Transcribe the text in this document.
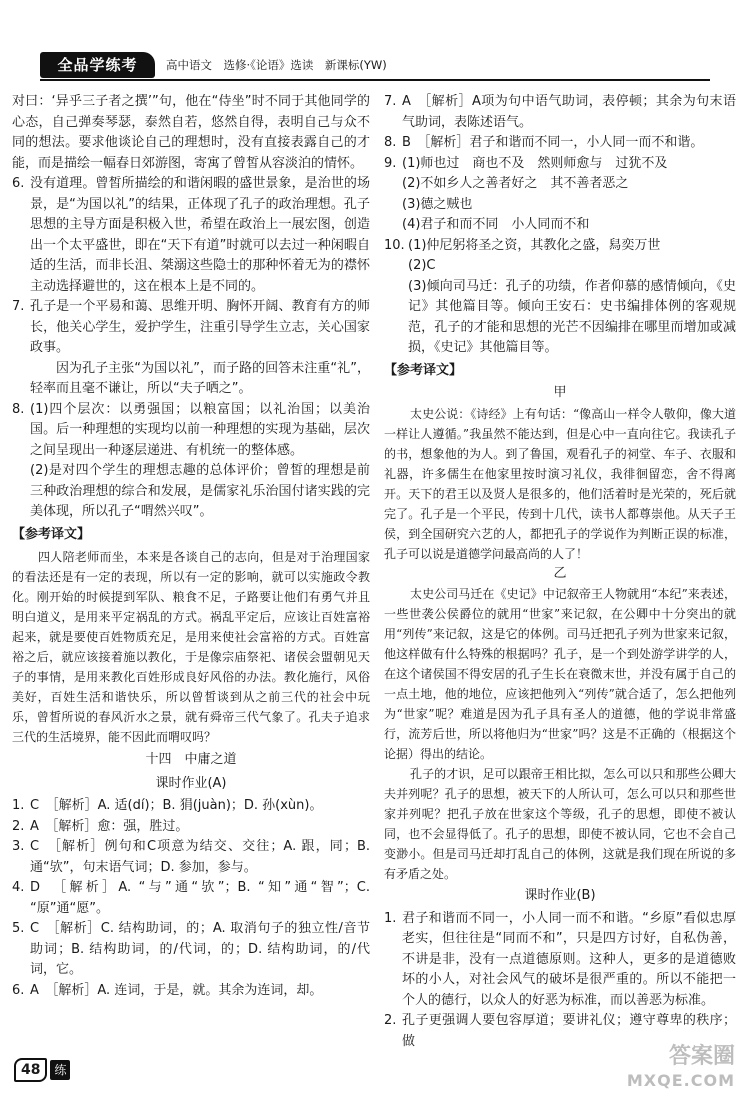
全品学练考	高中语文　选修·《论语》选读　新课标(YW)

对曰：‘异乎三子者之撰’”句，他在“侍坐”时不同于其他同学的心态，自己弹奏琴瑟，泰然自若，悠然自得，表明自己与众不同的想法。要求他谈论自己的理想时，没有直接表露自己的才能，而是描绘一幅春日郊游图，寄寓了曾皙从容淡泊的情怀。

6. 没有道理。曾皙所描绘的和谐闲暇的盛世景象，是治世的场景，是“为国以礼”的结果，正体现了孔子的政治理想。孔子思想的主导方面是积极入世，希望在政治上一展宏图，创造出一个太平盛世，即在“天下有道”时就可以去过一种闲暇自适的生活，而非长沮、桀溺这些隐士的那种怀着无为的襟怀主动选择避世的，这在根本上是不同的。

7. 孔子是一个平易和蔼、思维开明、胸怀开阔、教育有方的师长，他关心学生，爱护学生，注重引导学生立志，关心国家政事。

因为孔子主张“为国以礼”，而子路的回答未注重“礼”，轻率而且毫不谦让，所以“夫子哂之”。

8. (1)四个层次：以勇强国；以粮富国；以礼治国；以美治国。后一种理想的实现均以前一种理想的实现为基础，层次之间呈现出一种逐层递进、有机统一的整体感。

(2)是对四个学生的理想志趣的总体评价；曾皙的理想是前三种政治理想的综合和发展，是儒家礼乐治国付诸实践的完美体现，所以孔子“喟然兴叹”。

【参考译文】

四人陪老师而坐，本来是各谈自己的志向，但是对于治理国家的看法还是有一定的表现，所以有一定的影响，就可以实施政令教化。刚开始的时候提到军队、粮食不足，子路要让他们有勇气并且明白道义，是用来平定祸乱的方式。祸乱平定后，应该让百姓富裕起来，就是要使百姓物质充足，是用来使社会富裕的方式。百姓富裕之后，就应该接着施以教化，于是像宗庙祭祀、诸侯会盟朝见天子的事情，是用来教化百姓形成良好风俗的办法。教化施行，风俗美好，百姓生活和谐快乐，所以曾皙谈到从之前三代的社会中玩乐，曾皙所说的春风沂水之景，就有舜帝三代气象了。孔夫子追求三代的生活境界，能不因此而喟叹吗？

十四　中庸之道
课时作业(A)
1. C　［解析］A. 适(dí)；B. 狷(juàn)；D. 孙(xùn)。

2. A　［解析］愈：强，胜过。

3. C　［解析］例句和C项意为结交、交往；A. 跟，同；B. 通“欤”，句末语气词；D. 参加，参与。

4. D　［解析］A. “与”通“欤”；B. “知”通“智”；C. “原”通“愿”。

5. C　［解析］C. 结构助词，的；A. 取消句子的独立性/音节助词；B. 结构助词，的/代词，的；D. 结构助词，的/代词，它。

6. A　［解析］A. 连词，于是，就。其余为连词，却。

7. A　［解析］A项为句中语气助词，表停顿；其余为句末语气助词，表陈述语气。

8. B　［解析］君子和谐而不同一，小人同一而不和谐。

9. (1)师也过　商也不及　然则师愈与　过犹不及

(2)不如乡人之善者好之　其不善者恶之

(3)德之贼也

(4)君子和而不同　小人同而不和

10. (1)仲尼躬将圣之资，其教化之盛，舄奕万世

(2)C

(3)倾向司马迁：孔子的功绩，作者仰慕的感情倾向，《史记》其他篇目等。倾向王安石：史书编排体例的客观规范，孔子的才能和思想的光芒不因编排在哪里而增加或减损，《史记》其他篇目等。

【参考译文】
甲

太史公说：《诗经》上有句话：“像高山一样令人敬仰，像大道一样让人遵循。”我虽然不能达到，但是心中一直向往它。我读孔子的书，想象他的为人。到了鲁国，观看孔子的祠堂、车子、衣服和礼器，许多儒生在他家里按时演习礼仪，我徘徊留恋，舍不得离开。天下的君王以及贤人是很多的，他们活着时是光荣的，死后就完了。孔子是一个平民，传到十几代，读书人都尊崇他。从天子王侯，到全国研究六艺的人，都把孔子的学说作为判断正误的标准，孔子可以说是道德学问最高尚的人了！

乙

太史公司马迁在《史记》中记叙帝王人物就用“本纪”来表述，一些世袭公侯爵位的就用“世家”来记叙，在公卿中十分突出的就用“列传”来记叙，这是它的体例。司马迁把孔子列为世家来记叙，他这样做有什么特殊的根据吗？孔子，是一个到处游学讲学的人，在这个诸侯国不得安居的孔子生长在衰微末世，并没有属于自己的一点土地，他的地位，应该把他列入“列传”就合适了，怎么把他列为“世家”呢？难道是因为孔子具有圣人的道德，他的学说非常盛行，流芳后世，所以将他归为“世家”吗？这是不正确的（根据这个论据）得出的结论。

孔子的才识，足可以跟帝王相比拟，怎么可以只和那些公卿大夫并列呢？孔子的思想，被天下的人所认可，怎么可以只和那些世家并列呢？把孔子放在世家这个等级，孔子的思想，即使不被认同，也不会显得低了。孔子的思想，即使不被认同，它也不会自己变渺小。但是司马迁却打乱自己的体例，这就是我们现在所说的多有矛盾之处。

课时作业(B)
1. 君子和谐而不同一，小人同一而不和谐。“乡原”看似忠厚老实，但往往是“同而不和”，只是四方讨好，自私伪善，不讲是非，没有一点道德原则。这种人，更多的是道德败坏的小人，对社会风气的破坏是很严重的。所以不能把一个人的德行，以众人的好恶为标准，而以善恶为标准。

2. 孔子更强调人要包容厚道；要讲礼仪；遵守尊卑的秩序；做

48	练
答案圈
MXQE.COM
